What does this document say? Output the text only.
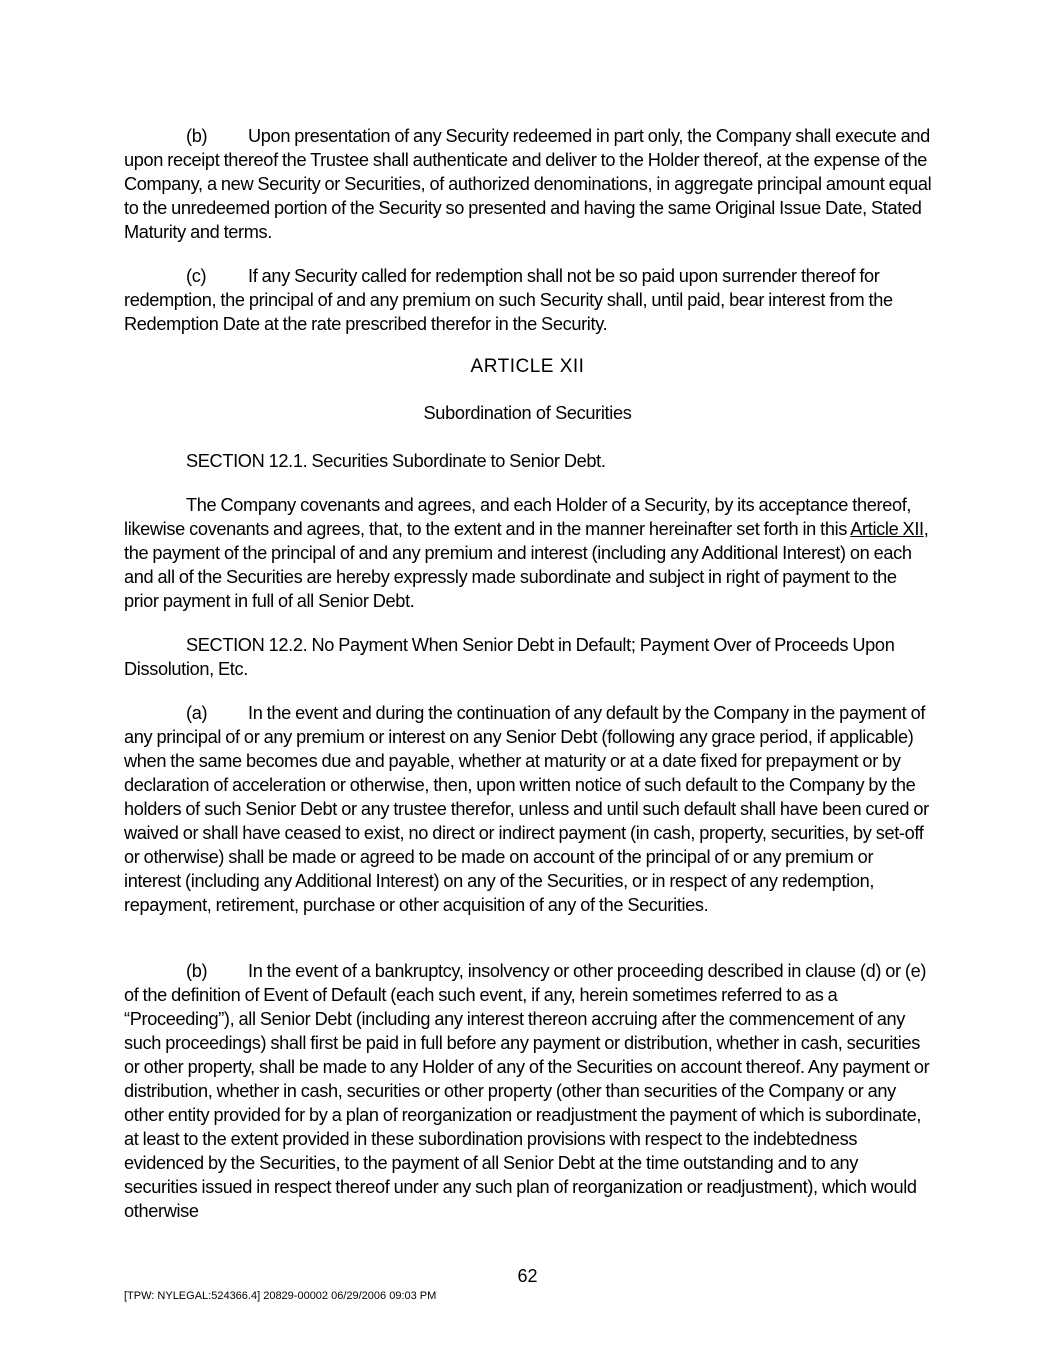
(b) Upon presentation of any Security redeemed in part only, the Company shall execute and upon receipt thereof the Trustee shall authenticate and deliver to the Holder thereof, at the expense of the Company, a new Security or Securities, of authorized denominations, in aggregate principal amount equal to the unredeemed portion of the Security so presented and having the same Original Issue Date, Stated Maturity and terms.

(c) If any Security called for redemption shall not be so paid upon surrender thereof for redemption, the principal of and any premium on such Security shall, until paid, bear interest from the Redemption Date at the rate prescribed therefor in the Security.

ARTICLE XII
Subordination of Securities

SECTION 12.1. Securities Subordinate to Senior Debt.

The Company covenants and agrees, and each Holder of a Security, by its acceptance thereof, likewise covenants and agrees, that, to the extent and in the manner hereinafter set forth in this Article XII, the payment of the principal of and any premium and interest (including any Additional Interest) on each and all of the Securities are hereby expressly made subordinate and subject in right of payment to the prior payment in full of all Senior Debt.

SECTION 12.2. No Payment When Senior Debt in Default; Payment Over of Proceeds Upon Dissolution, Etc.

(a) In the event and during the continuation of any default by the Company in the payment of any principal of or any premium or interest on any Senior Debt (following any grace period, if applicable) when the same becomes due and payable, whether at maturity or at a date fixed for prepayment or by declaration of acceleration or otherwise, then, upon written notice of such default to the Company by the holders of such Senior Debt or any trustee therefor, unless and until such default shall have been cured or waived or shall have ceased to exist, no direct or indirect payment (in cash, property, securities, by set-off or otherwise) shall be made or agreed to be made on account of the principal of or any premium or interest (including any Additional Interest) on any of the Securities, or in respect of any redemption, repayment, retirement, purchase or other acquisition of any of the Securities.

(b) In the event of a bankruptcy, insolvency or other proceeding described in clause (d) or (e) of the definition of Event of Default (each such event, if any, herein sometimes referred to as a “Proceeding”), all Senior Debt (including any interest thereon accruing after the commencement of any such proceedings) shall first be paid in full before any payment or distribution, whether in cash, securities or other property, shall be made to any Holder of any of the Securities on account thereof. Any payment or distribution, whether in cash, securities or other property (other than securities of the Company or any other entity provided for by a plan of reorganization or readjustment the payment of which is subordinate, at least to the extent provided in these subordination provisions with respect to the indebtedness evidenced by the Securities, to the payment of all Senior Debt at the time outstanding and to any securities issued in respect thereof under any such plan of reorganization or readjustment), which would otherwise

62
[TPW: NYLEGAL:524366.4] 20829-00002 06/29/2006 09:03 PM
